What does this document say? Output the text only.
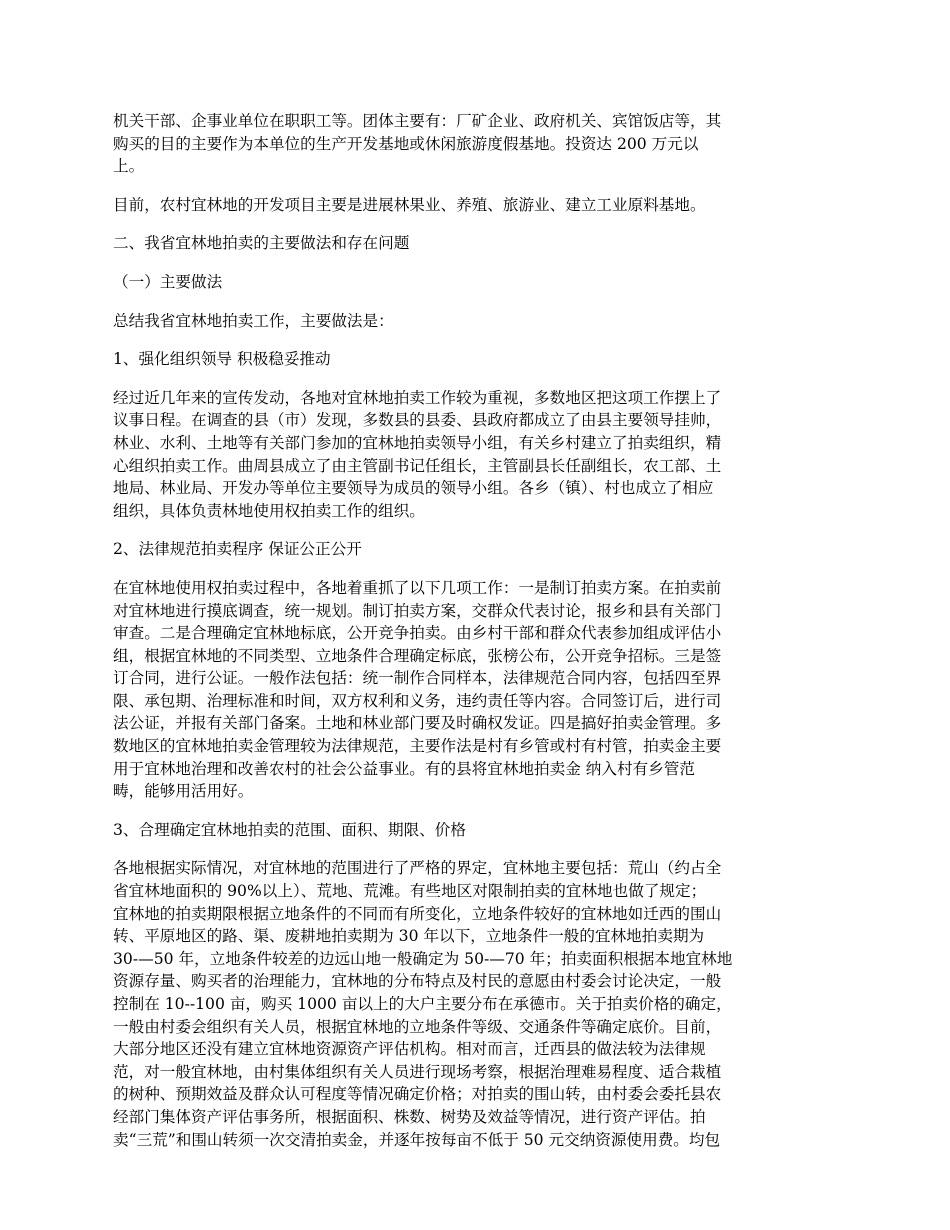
机关干部、企事业单位在职职工等。团体主要有：厂矿企业、政府机关、宾馆饭店等，其
购买的目的主要作为本单位的生产开发基地或休闲旅游度假基地。投资达 200 万元以
上。
目前，农村宜林地的开发项目主要是进展林果业、养殖、旅游业、建立工业原料基地。
二、我省宜林地拍卖的主要做法和存在问题
（一）主要做法
总结我省宜林地拍卖工作，主要做法是：
1、强化组织领导 积极稳妥推动
经过近几年来的宣传发动，各地对宜林地拍卖工作较为重视，多数地区把这项工作摆上了
议事日程。在调查的县（市）发现，多数县的县委、县政府都成立了由县主要领导挂帅，
林业、水利、土地等有关部门参加的宜林地拍卖领导小组，有关乡村建立了拍卖组织，精
心组织拍卖工作。曲周县成立了由主管副书记任组长，主管副县长任副组长，农工部、土
地局、林业局、开发办等单位主要领导为成员的领导小组。各乡（镇）、村也成立了相应
组织，具体负责林地使用权拍卖工作的组织。
2、法律规范拍卖程序 保证公正公开
在宜林地使用权拍卖过程中，各地着重抓了以下几项工作：一是制订拍卖方案。在拍卖前
对宜林地进行摸底调查，统一规划。制订拍卖方案，交群众代表讨论，报乡和县有关部门
审查。二是合理确定宜林地标底，公开竞争拍卖。由乡村干部和群众代表参加组成评估小
组，根据宜林地的不同类型、立地条件合理确定标底，张榜公布，公开竞争招标。三是签
订合同，进行公证。一般作法包括：统一制作合同样本，法律规范合同内容，包括四至界
限、承包期、治理标准和时间，双方权利和义务，违约责任等内容。合同签订后，进行司
法公证，并报有关部门备案。土地和林业部门要及时确权发证。四是搞好拍卖金管理。多
数地区的宜林地拍卖金管理较为法律规范，主要作法是村有乡管或村有村管，拍卖金主要
用于宜林地治理和改善农村的社会公益事业。有的县将宜林地拍卖金 纳入村有乡管范
畴，能够用活用好。
3、合理确定宜林地拍卖的范围、面积、期限、价格
各地根据实际情况，对宜林地的范围进行了严格的界定，宜林地主要包括：荒山（约占全
省宜林地面积的 90%以上）、荒地、荒滩。有些地区对限制拍卖的宜林地也做了规定；
宜林地的拍卖期限根据立地条件的不同而有所变化，立地条件较好的宜林地如迁西的围山
转、平原地区的路、渠、废耕地拍卖期为 30 年以下，立地条件一般的宜林地拍卖期为
30-—50 年，立地条件较差的边远山地一般确定为 50-—70 年；拍卖面积根据本地宜林地
资源存量、购买者的治理能力，宜林地的分布特点及村民的意愿由村委会讨论决定，一般
控制在 10--100 亩，购买 1000 亩以上的大户主要分布在承德市。关于拍卖价格的确定，
一般由村委会组织有关人员，根据宜林地的立地条件等级、交通条件等确定底价。目前，
大部分地区还没有建立宜林地资源资产评估机构。相对而言，迁西县的做法较为法律规
范，对一般宜林地，由村集体组织有关人员进行现场考察，根据治理难易程度、适合栽植
的树种、预期效益及群众认可程度等情况确定价格；对拍卖的围山转，由村委会委托县农
经部门集体资产评估事务所，根据面积、株数、树势及效益等情况，进行资产评估。拍
卖“三荒”和围山转须一次交清拍卖金，并逐年按每亩不低于 50 元交纳资源使用费。均包
